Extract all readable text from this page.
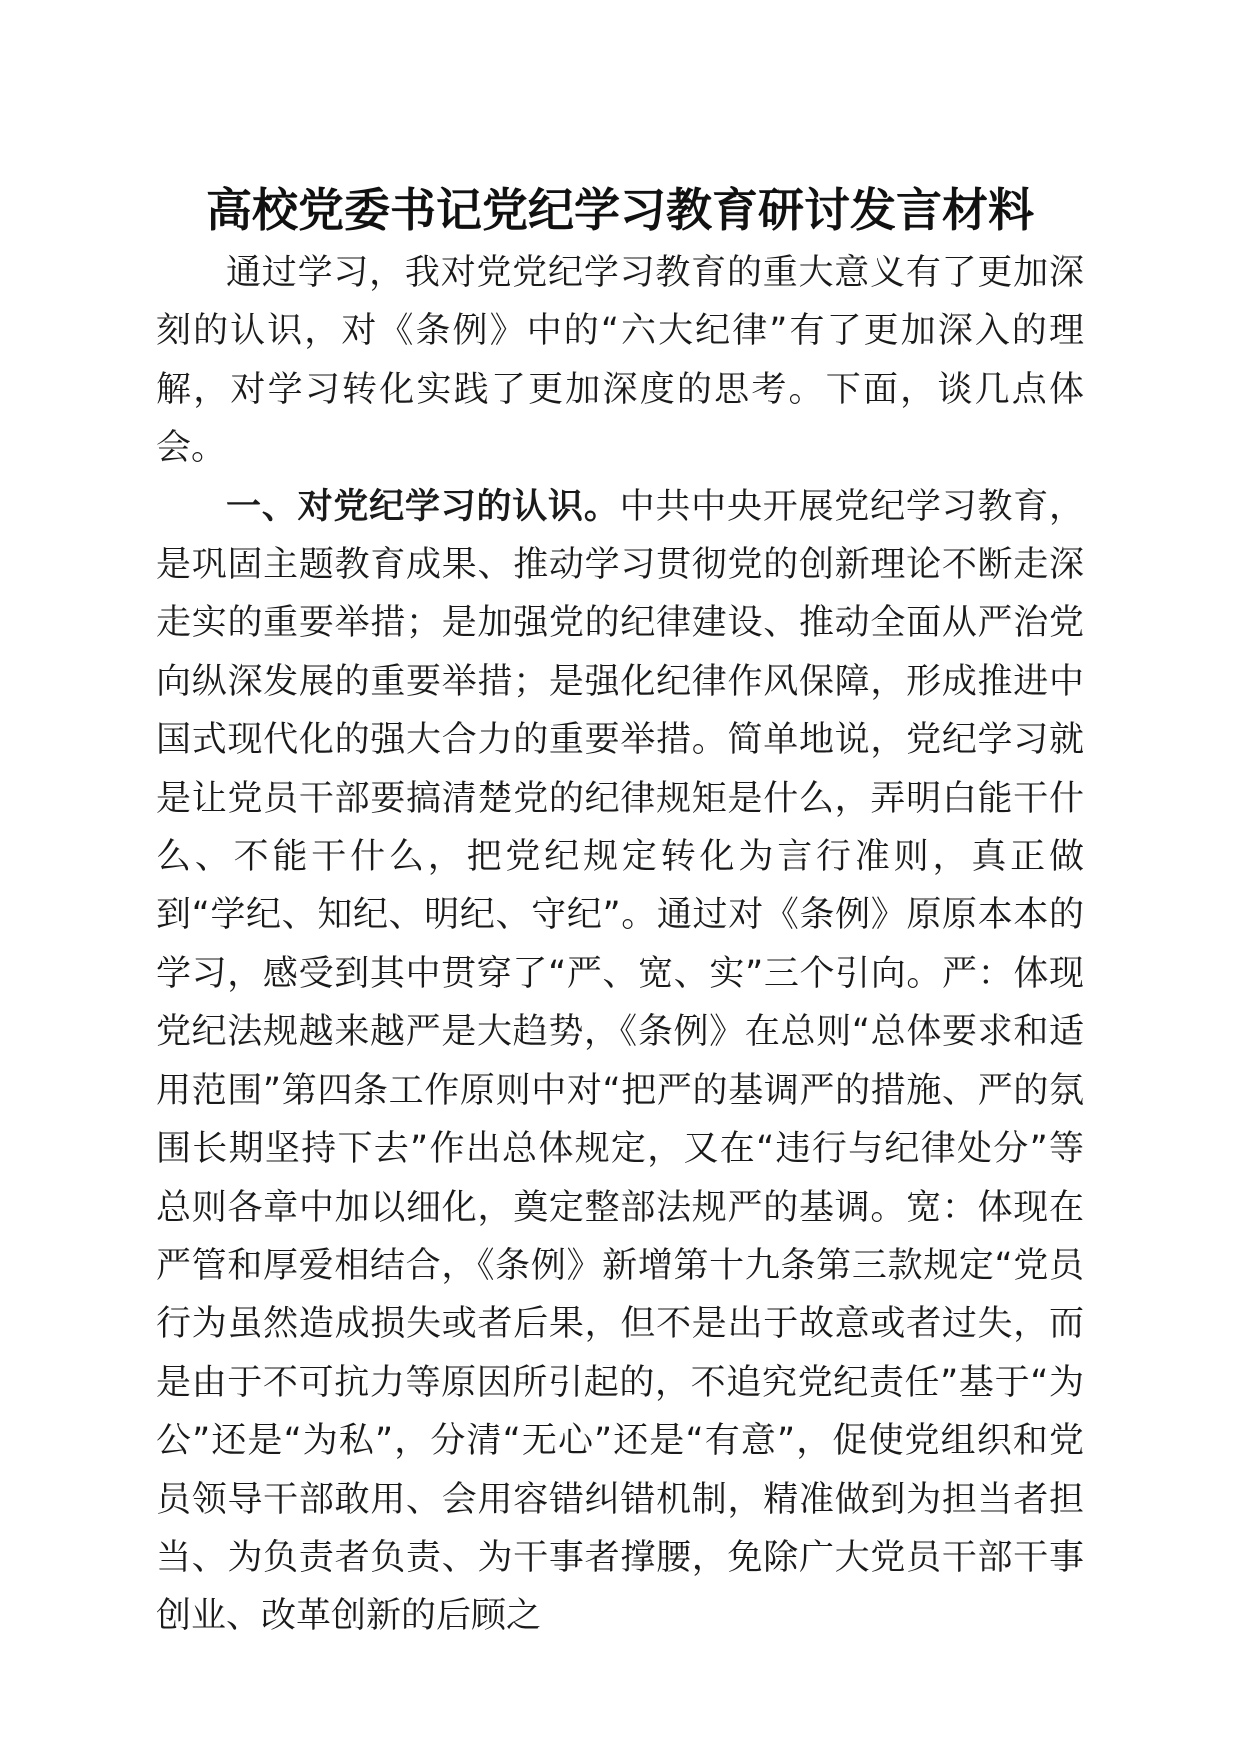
高校党委书记党纪学习教育研讨发言材料

通过学习，我对党党纪学习教育的重大意义有了更加深刻的认识，对《条例》中的“六大纪律”有了更加深入的理解，对学习转化实践了更加深度的思考。下面，谈几点体会。

一、对党纪学习的认识。中共中央开展党纪学习教育，是巩固主题教育成果、推动学习贯彻党的创新理论不断走深走实的重要举措；是加强党的纪律建设、推动全面从严治党向纵深发展的重要举措；是强化纪律作风保障，形成推进中国式现代化的强大合力的重要举措。简单地说，党纪学习就是让党员干部要搞清楚党的纪律规矩是什么，弄明白能干什么、不能干什么，把党纪规定转化为言行准则，真正做到“学纪、知纪、明纪、守纪”。通过对《条例》原原本本的学习，感受到其中贯穿了“严、宽、实”三个引向。严：体现党纪法规越来越严是大趋势，《条例》在总则“总体要求和适用范围”第四条工作原则中对“把严的基调严的措施、严的氛围长期坚持下去”作出总体规定，又在“违行与纪律处分”等总则各章中加以细化，奠定整部法规严的基调。宽：体现在严管和厚爱相结合，《条例》新增第十九条第三款规定“党员行为虽然造成损失或者后果，但不是出于故意或者过失，而是由于不可抗力等原因所引起的，不追究党纪责任”基于“为公”还是“为私”，分清“无心”还是“有意”，促使党组织和党员领导干部敢用、会用容错纠错机制，精准做到为担当者担当、为负责者负责、为干事者撑腰，免除广大党员干部干事创业、改革创新的后顾之
